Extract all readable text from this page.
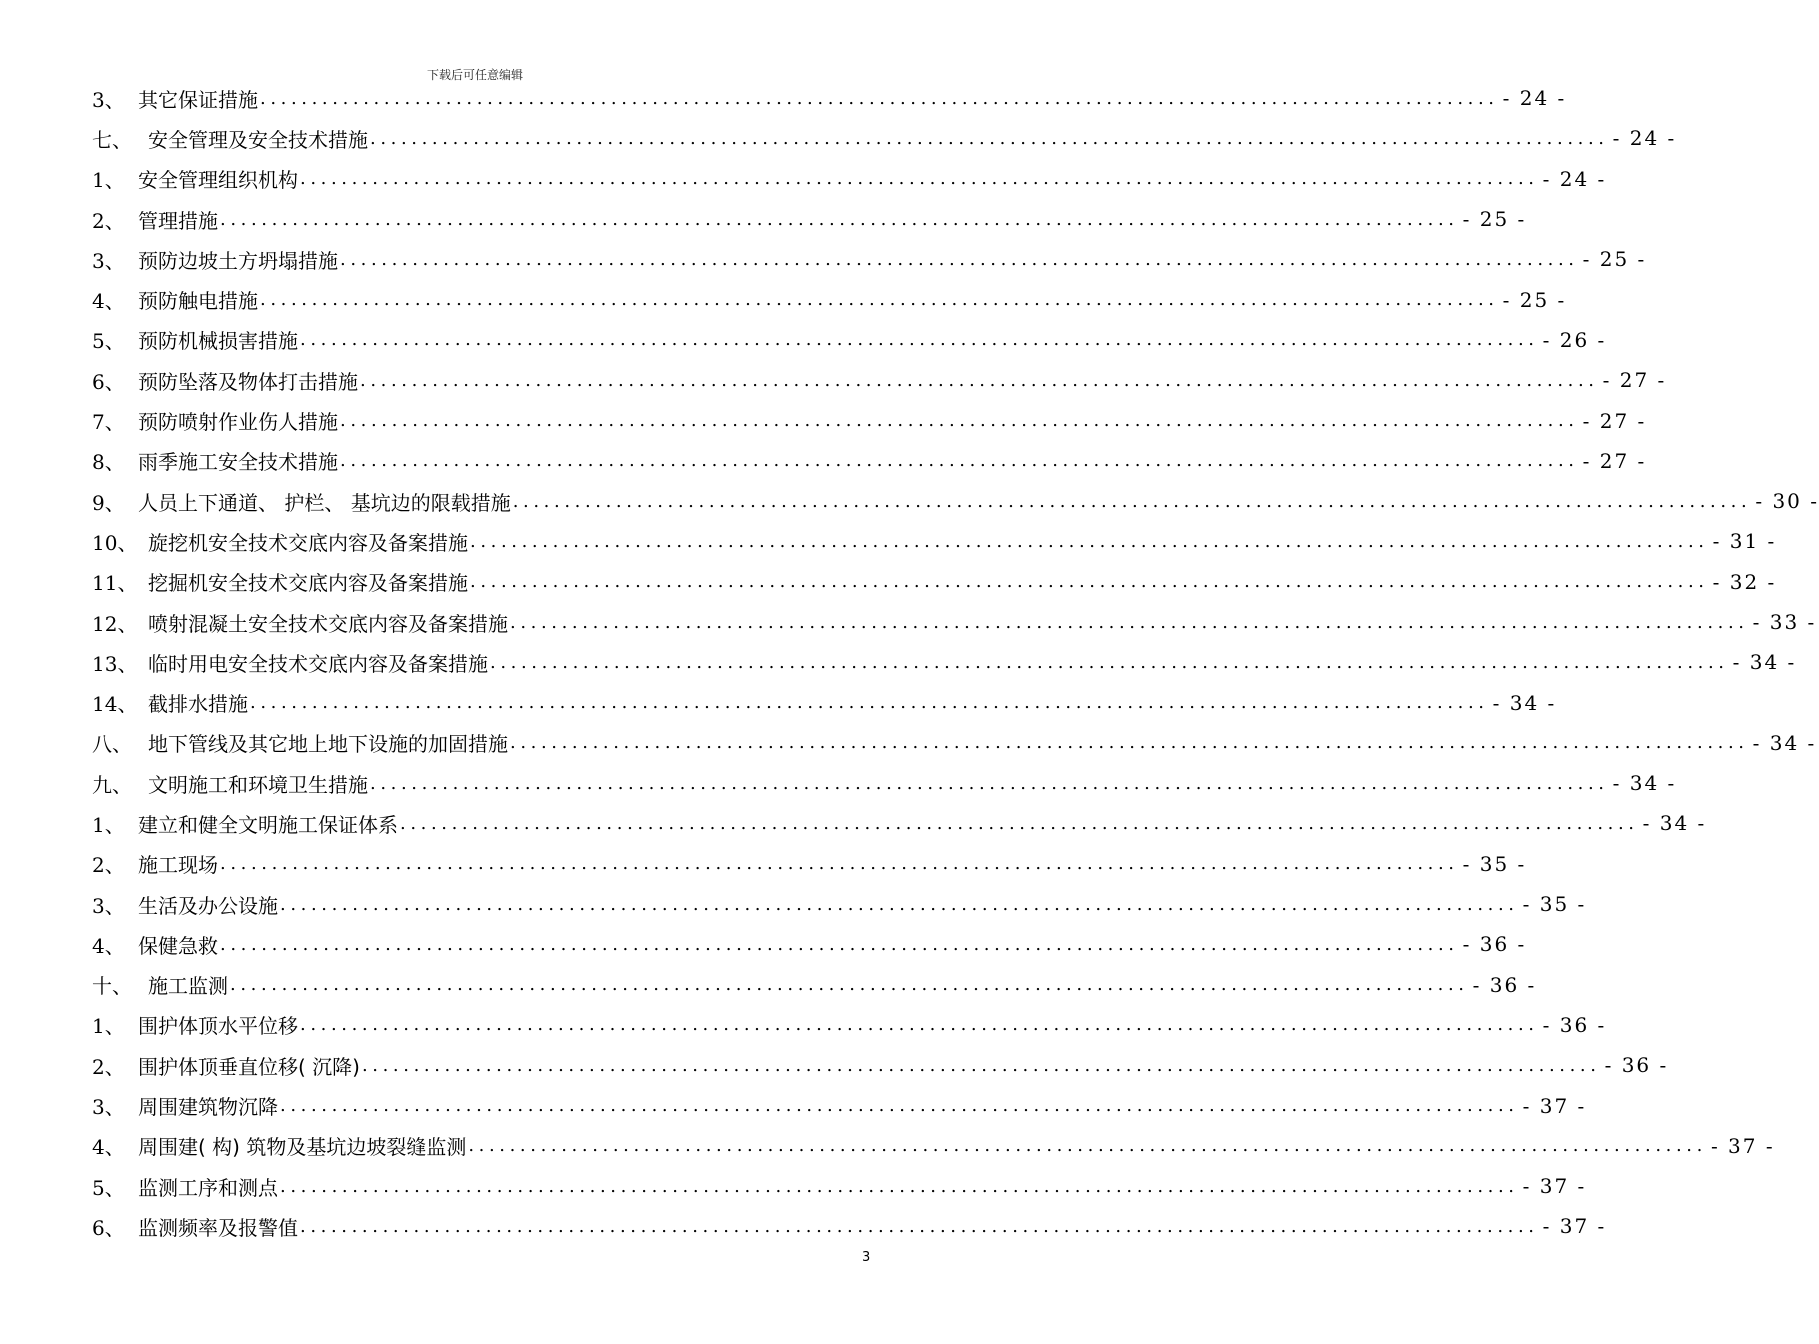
下载后可任意编辑
3、 其它保证措施 ........................................................................................................................ - 24 -
七、 安全管理及安全技术措施 ........................................................................................................................ - 24 -
1、 安全管理组织机构 ........................................................................................................................ - 24 -
2、 管理措施 ........................................................................................................................ - 25 -
3、 预防边坡土方坍塌措施 ........................................................................................................................ - 25 -
4、 预防触电措施 ........................................................................................................................ - 25 -
5、 预防机械损害措施 ........................................................................................................................ - 26 -
6、 预防坠落及物体打击措施 ........................................................................................................................ - 27 -
7、 预防喷射作业伤人措施 ........................................................................................................................ - 27 -
8、 雨季施工安全技术措施 ........................................................................................................................ - 27 -
9、 人员上下通道、 护栏、 基坑边的限载措施 ........................................................................................................................ - 30 -
10、 旋挖机安全技术交底内容及备案措施 ........................................................................................................................ - 31 -
11、 挖掘机安全技术交底内容及备案措施 ........................................................................................................................ - 32 -
12、 喷射混凝土安全技术交底内容及备案措施 ........................................................................................................................ - 33 -
13、 临时用电安全技术交底内容及备案措施 ........................................................................................................................ - 34 -
14、 截排水措施 ........................................................................................................................ - 34 -
八、 地下管线及其它地上地下设施的加固措施 ........................................................................................................................ - 34 -
九、 文明施工和环境卫生措施 ........................................................................................................................ - 34 -
1、 建立和健全文明施工保证体系 ........................................................................................................................ - 34 -
2、 施工现场 ........................................................................................................................ - 35 -
3、 生活及办公设施 ........................................................................................................................ - 35 -
4、 保健急救 ........................................................................................................................ - 36 -
十、 施工监测 ........................................................................................................................ - 36 -
1、 围护体顶水平位移 ........................................................................................................................ - 36 -
2、 围护体顶垂直位移( 沉降) ........................................................................................................................ - 36 -
3、 周围建筑物沉降 ........................................................................................................................ - 37 -
4、 周围建( 构) 筑物及基坑边坡裂缝监测 ........................................................................................................................ - 37 -
5、 监测工序和测点 ........................................................................................................................ - 37 -
6、 监测频率及报警值 ........................................................................................................................ - 37 -
3
